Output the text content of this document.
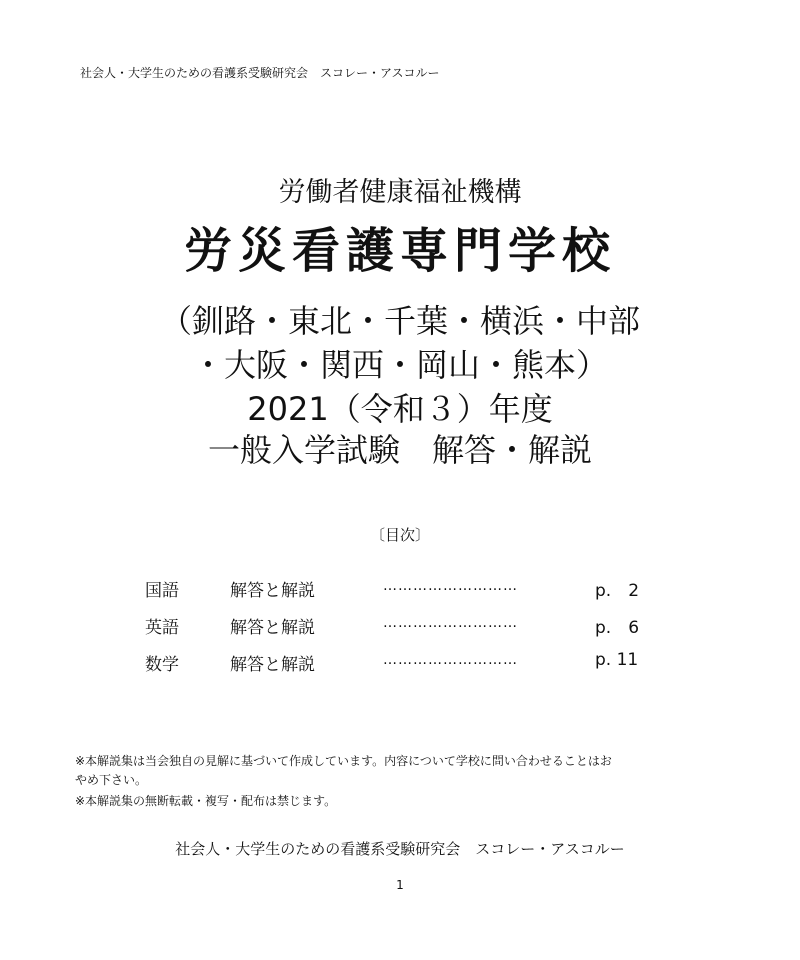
社会人・大学生のための看護系受験研究会　スコレー・アスコルー
労働者健康福祉機構
労災看護専門学校
（釧路・東北・千葉・横浜・中部
・大阪・関西・岡山・熊本）
2021（令和３）年度
一般入学試験　解答・解説
〔目次〕
国語	解答と解説	………………………	p.　2
英語	解答と解説	………………………	p.　6
数学	解答と解説	………………………	p. 11
※本解説集は当会独自の見解に基づいて作成しています。内容について学校に問い合わせることはお
やめ下さい。
※本解説集の無断転載・複写・配布は禁じます。
社会人・大学生のための看護系受験研究会　スコレー・アスコルー
1
